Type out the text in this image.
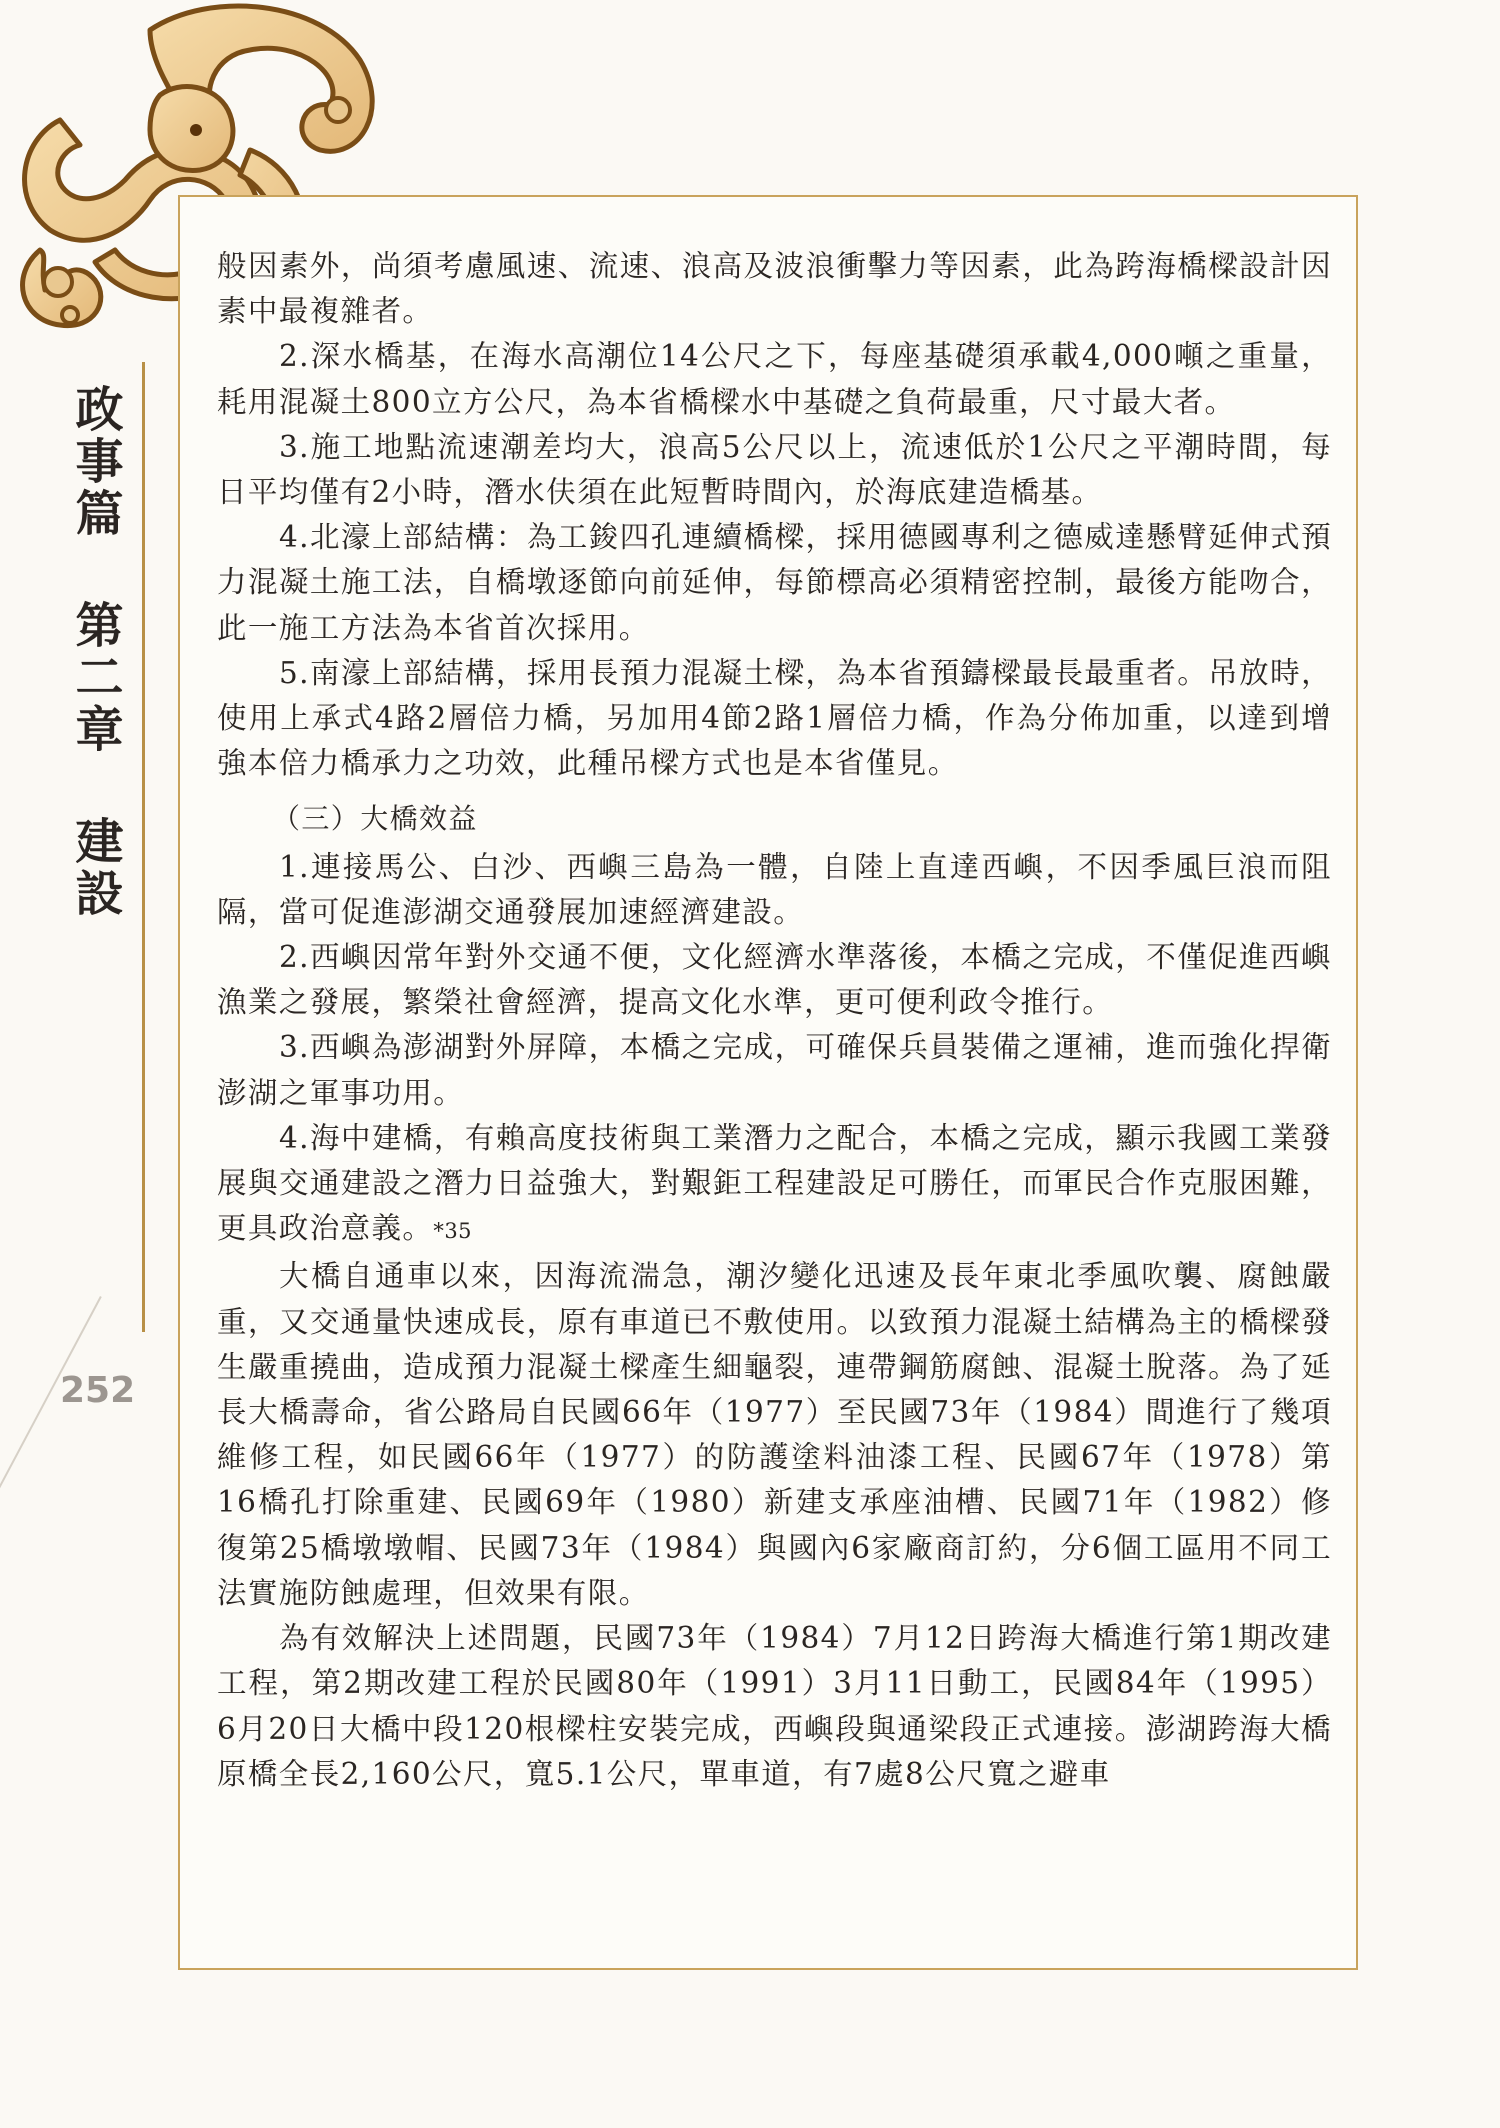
政事篇 第二章 建設
252

般因素外，尚須考慮風速、流速、浪高及波浪衝擊力等因素，此為跨海橋樑設計因素中最複雜者。

2.深水橋基，在海水高潮位14公尺之下，每座基礎須承載4,000噸之重量，耗用混凝土800立方公尺，為本省橋樑水中基礎之負荷最重，尺寸最大者。

3.施工地點流速潮差均大，浪高5公尺以上，流速低於1公尺之平潮時間，每日平均僅有2小時，潛水伕須在此短暫時間內，於海底建造橋基。

4.北濠上部結構：為工鋑四孔連續橋樑，採用德國專利之德威達懸臂延伸式預力混凝土施工法，自橋墩逐節向前延伸，每節標高必須精密控制，最後方能吻合，此一施工方法為本省首次採用。

5.南濠上部結構，採用長預力混凝土樑，為本省預鑄樑最長最重者。吊放時，使用上承式4路2層倍力橋，另加用4節2路1層倍力橋，作為分佈加重，以達到增強本倍力橋承力之功效，此種吊樑方式也是本省僅見。

（三）大橋效益

1.連接馬公、白沙、西嶼三島為一體，自陸上直達西嶼，不因季風巨浪而阻隔，當可促進澎湖交通發展加速經濟建設。

2.西嶼因常年對外交通不便，文化經濟水準落後，本橋之完成，不僅促進西嶼漁業之發展，繁榮社會經濟，提高文化水準，更可便利政令推行。

3.西嶼為澎湖對外屏障，本橋之完成，可確保兵員裝備之運補，進而強化捍衛澎湖之軍事功用。

4.海中建橋，有賴高度技術與工業潛力之配合，本橋之完成，顯示我國工業發展與交通建設之潛力日益強大，對艱鉅工程建設足可勝任，而軍民合作克服困難，更具政治意義。*35

大橋自通車以來，因海流湍急，潮汐變化迅速及長年東北季風吹襲、腐蝕嚴重，又交通量快速成長，原有車道已不敷使用。以致預力混凝土結構為主的橋樑發生嚴重撓曲，造成預力混凝土樑產生細龜裂，連帶鋼筋腐蝕、混凝土脫落。為了延長大橋壽命，省公路局自民國66年（1977）至民國73年（1984）間進行了幾項維修工程，如民國66年（1977）的防護塗料油漆工程、民國67年（1978）第16橋孔打除重建、民國69年（1980）新建支承座油槽、民國71年（1982）修復第25橋墩墩帽、民國73年（1984）與國內6家廠商訂約，分6個工區用不同工法實施防蝕處理，但效果有限。

為有效解決上述問題，民國73年（1984）7月12日跨海大橋進行第1期改建工程，第2期改建工程於民國80年（1991）3月11日動工，民國84年（1995）6月20日大橋中段120根樑柱安裝完成，西嶼段與通梁段正式連接。澎湖跨海大橋原橋全長2,160公尺，寬5.1公尺，單車道，有7處8公尺寬之避車
